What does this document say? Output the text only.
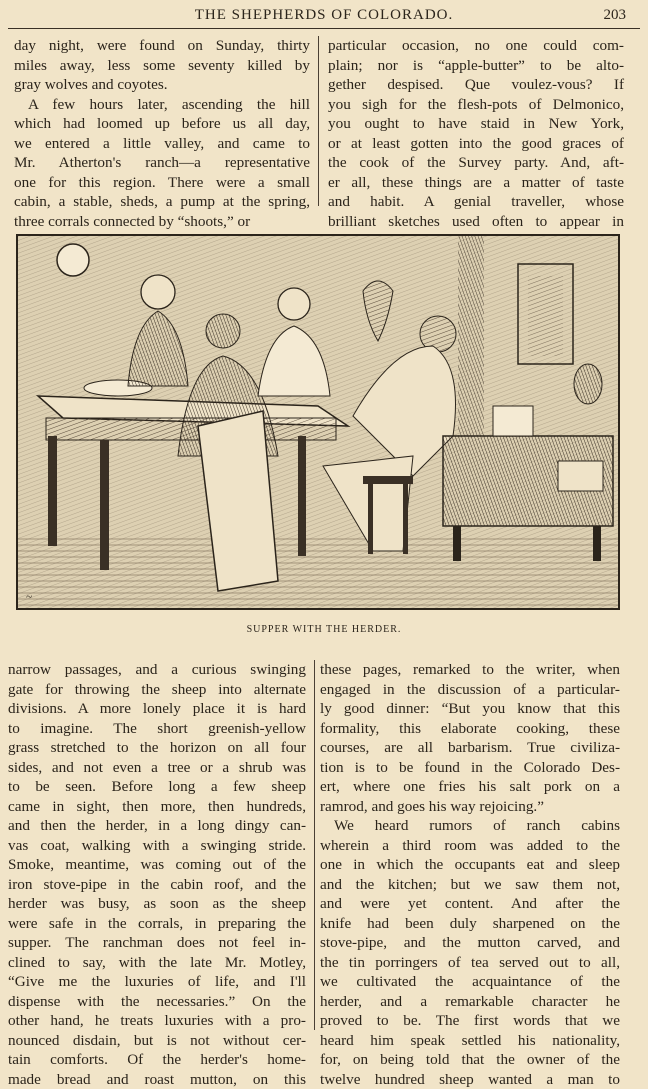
THE SHEPHERDS OF COLORADO.	203
day night, were found on Sunday, thirty
miles away, less some seventy killed by
gray wolves and coyotes.
A few hours later, ascending the hill
which had loomed up before us all day,
we entered a little valley, and came to
Mr. Atherton's ranch—a representative
one for this region. There were a small
cabin, a stable, sheds, a pump at the spring,
three corrals connected by “shoots,” or
particular occasion, no one could com-
plain; nor is “apple-butter” to be alto-
gether despised. Que voulez-vous? If
you sigh for the flesh-pots of Delmonico,
you ought to have staid in New York,
or at least gotten into the good graces of
the cook of the Survey party. And, aft-
er all, these things are a matter of taste
and habit. A genial traveller, whose
brilliant sketches used often to appear in
~
SUPPER WITH THE HERDER.
narrow passages, and a curious swinging
gate for throwing the sheep into alternate
divisions. A more lonely place it is hard
to imagine. The short greenish-yellow
grass stretched to the horizon on all four
sides, and not even a tree or a shrub was
to be seen. Before long a few sheep
came in sight, then more, then hundreds,
and then the herder, in a long dingy can-
vas coat, walking with a swinging stride.
Smoke, meantime, was coming out of the
iron stove-pipe in the cabin roof, and the
herder was busy, as soon as the sheep
were safe in the corrals, in preparing the
supper. The ranchman does not feel in-
clined to say, with the late Mr. Motley,
“Give me the luxuries of life, and I'll
dispense with the necessaries.” On the
other hand, he treats luxuries with a pro-
nounced disdain, but is not without cer-
tain comforts. Of the herder's home-
made bread and roast mutton, on this
these pages, remarked to the writer, when
engaged in the discussion of a particular-
ly good dinner: “But you know that this
formality, this elaborate cooking, these
courses, are all barbarism. True civiliza-
tion is to be found in the Colorado Des-
ert, where one fries his salt pork on a
ramrod, and goes his way rejoicing.”
We heard rumors of ranch cabins
wherein a third room was added to the
one in which the occupants eat and sleep
and the kitchen; but we saw them not,
and were yet content. And after the
knife had been duly sharpened on the
stove-pipe, and the mutton carved, and
the tin porringers of tea served out to all,
we cultivated the acquaintance of the
herder, and a remarkable character he
proved to be. The first words that we
heard him speak settled his nationality,
for, on being told that the owner of the
twelve hundred sheep wanted a man to
